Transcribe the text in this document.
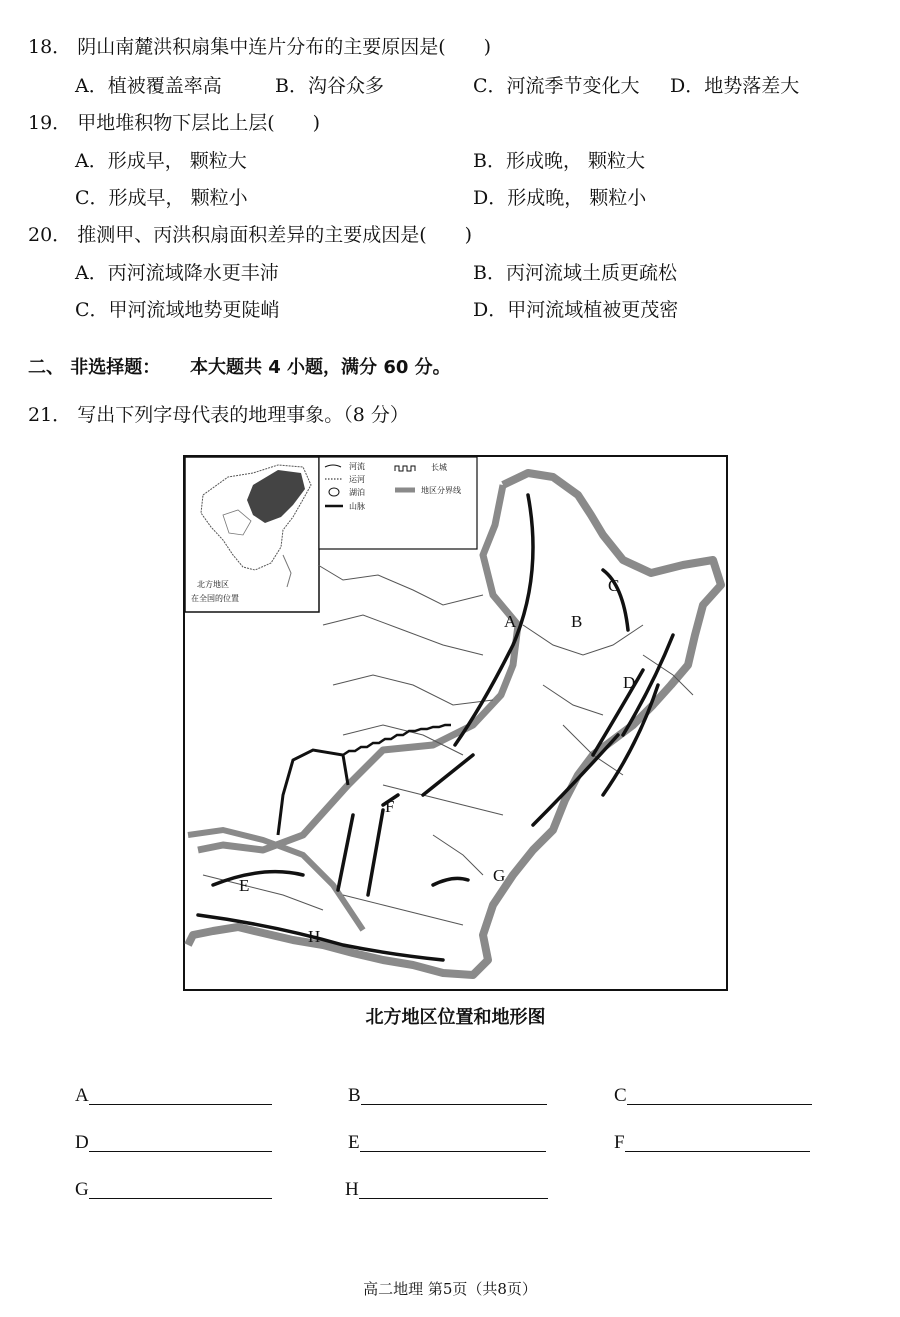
18． 阴山南麓洪积扇集中连片分布的主要原因是(　　)
A．植被覆盖率高	B．沟谷众多	C．河流季节变化大 D．地势落差大
19． 甲地堆积物下层比上层(　　)
A．形成早， 颗粒大	B．形成晚， 颗粒大
C．形成早， 颗粒小	D．形成晚， 颗粒小
20． 推测甲、丙洪积扇面积差异的主要成因是(　　)
A．丙河流域降水更丰沛	B．丙河流域土质更疏松
C．甲河流域地势更陡峭	D．甲河流域植被更茂密
二、 非选择题： 本大题共 4 小题，满分 60 分。
21． 写出下列字母代表的地理事象。（8 分）
北方地区
在全国的位置
河流
运河
湖泊
山脉
长城
地区分界线
A	B
C
D
E
F
G
H
北方地区位置和地形图
A	B	C
D	E	F
G	H
高二地理 第5页（共8页）
